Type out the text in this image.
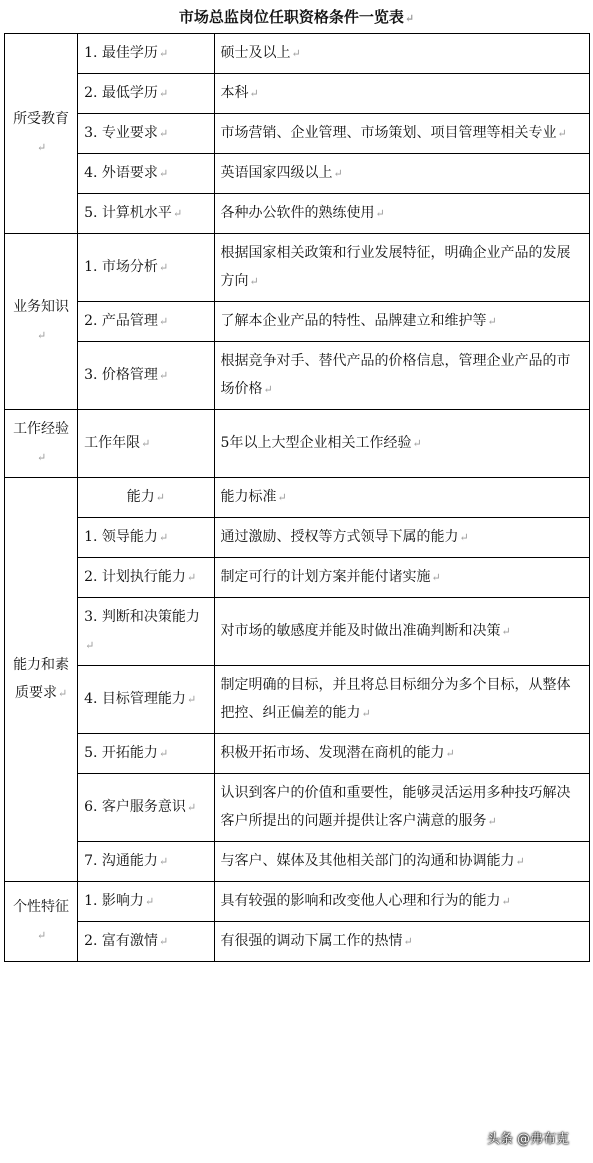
市场总监岗位任职资格条件一览表↵
所受教育↵	1. 最佳学历↵	硕士及以上↵
	2. 最低学历↵	本科↵
	3. 专业要求↵	市场营销、企业管理、市场策划、项目管理等相关专业↵
	4. 外语要求↵	英语国家四级以上↵
	5. 计算机水平↵	各种办公软件的熟练使用↵
业务知识↵	1. 市场分析↵	根据国家相关政策和行业发展特征，明确企业产品的发展方向↵
	2. 产品管理↵	了解本企业产品的特性、品牌建立和维护等↵
	3. 价格管理↵	根据竞争对手、替代产品的价格信息，管理企业产品的市场价格↵
工作经验↵	工作年限↵	5年以上大型企业相关工作经验↵
能力和素质要求↵	能力↵	能力标准↵
	1. 领导能力↵	通过激励、授权等方式领导下属的能力↵
	2. 计划执行能力↵	制定可行的计划方案并能付诸实施↵
	3. 判断和决策能力↵	对市场的敏感度并能及时做出准确判断和决策↵
	4. 目标管理能力↵	制定明确的目标，并且将总目标细分为多个目标，从整体把控、纠正偏差的能力↵
	5. 开拓能力↵	积极开拓市场、发现潜在商机的能力↵
	6. 客户服务意识↵	认识到客户的价值和重要性，能够灵活运用多种技巧解决客户所提出的问题并提供让客户满意的服务↵
	7. 沟通能力↵	与客户、媒体及其他相关部门的沟通和协调能力↵
个性特征↵	1. 影响力↵	具有较强的影响和改变他人心理和行为的能力↵
	2. 富有激情↵	有很强的调动下属工作的热情↵
头条 @弗布克
